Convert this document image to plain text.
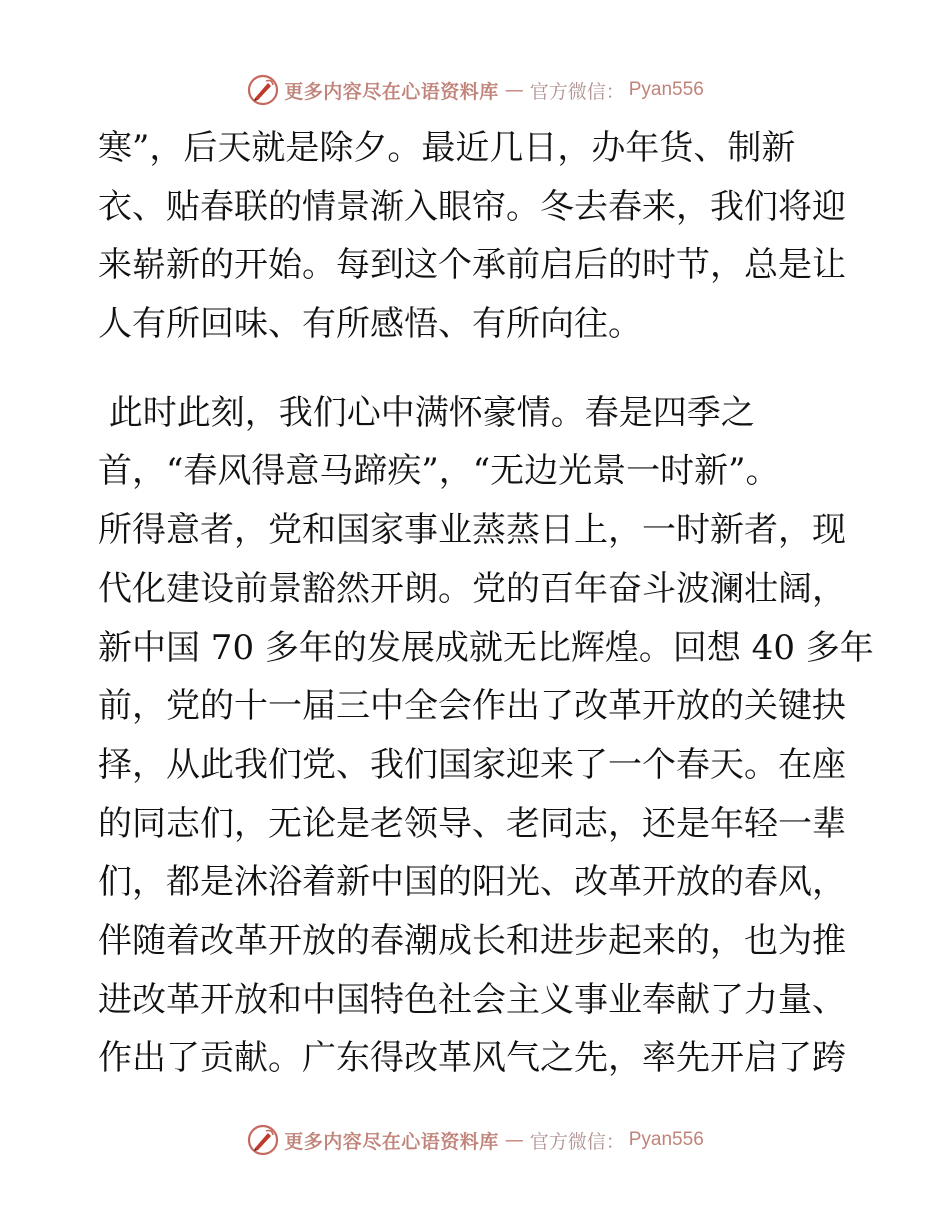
更多内容尽在心语资料库 — 官方微信： Pyan556
寒”，后天就是除夕。最近几日，办年货、制新
衣、贴春联的情景渐入眼帘。冬去春来，我们将迎
来崭新的开始。每到这个承前启后的时节，总是让
人有所回味、有所感悟、有所向往。
此时此刻，我们心中满怀豪情。春是四季之
首，“春风得意马蹄疾”，“无边光景一时新”。
所得意者，党和国家事业蒸蒸日上，一时新者，现
代化建设前景豁然开朗。党的百年奋斗波澜壮阔，
新中国 70 多年的发展成就无比辉煌。回想 40 多年
前，党的十一届三中全会作出了改革开放的关键抉
择，从此我们党、我们国家迎来了一个春天。在座
的同志们，无论是老领导、老同志，还是年轻一辈
们，都是沐浴着新中国的阳光、改革开放的春风，
伴随着改革开放的春潮成长和进步起来的，也为推
进改革开放和中国特色社会主义事业奉献了力量、
作出了贡献。广东得改革风气之先，率先开启了跨
更多内容尽在心语资料库 — 官方微信： Pyan556
